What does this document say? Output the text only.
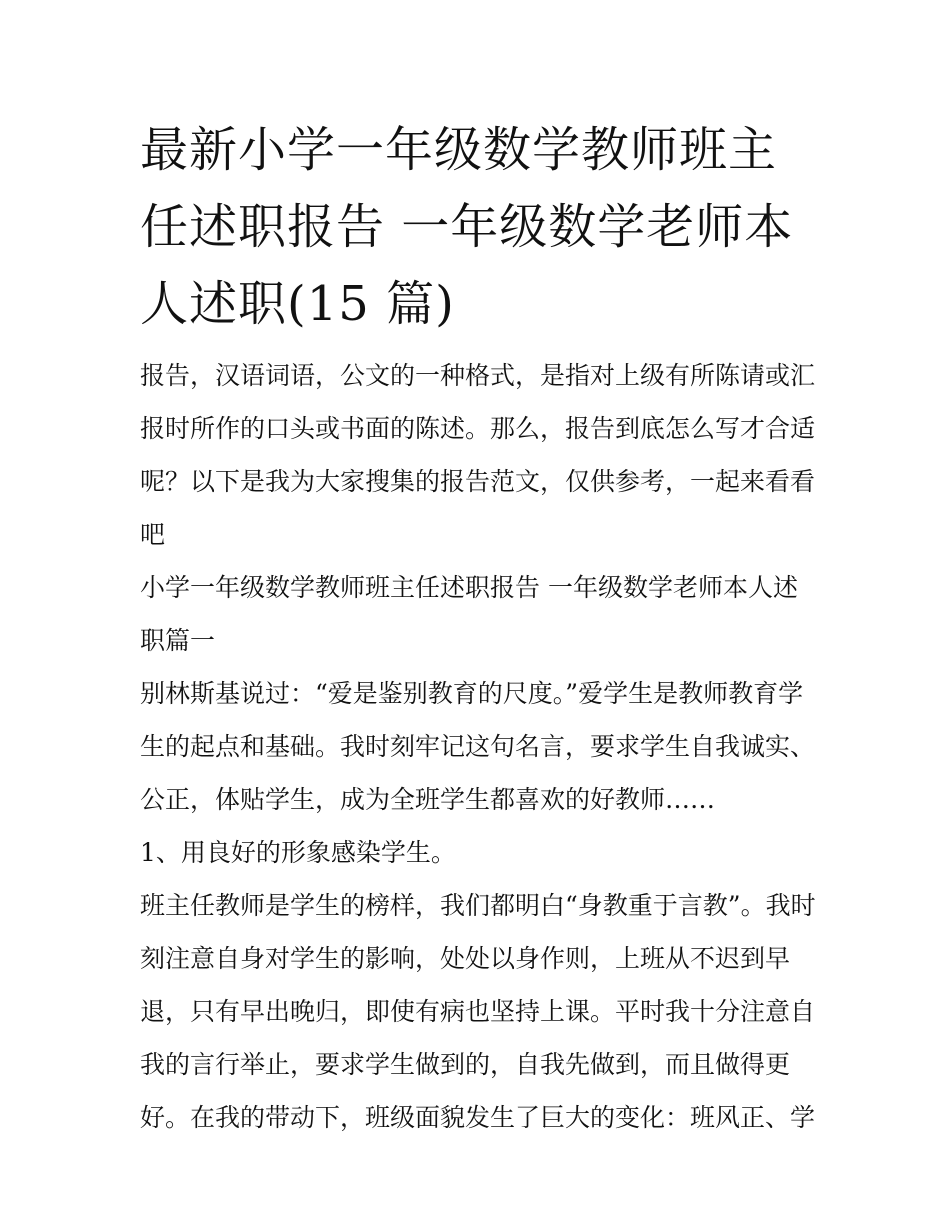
最新小学一年级数学教师班主
任述职报告 一年级数学老师本
人述职(15 篇)
报告，汉语词语，公文的一种格式，是指对上级有所陈请或汇
报时所作的口头或书面的陈述。那么，报告到底怎么写才合适
呢？以下是我为大家搜集的报告范文，仅供参考，一起来看看
吧
小学一年级数学教师班主任述职报告 一年级数学老师本人述
职篇一
别林斯基说过：“爱是鉴别教育的尺度。”爱学生是教师教育学
生的起点和基础。我时刻牢记这句名言，要求学生自我诚实、
公正，体贴学生，成为全班学生都喜欢的好教师……
1、用良好的形象感染学生。
班主任教师是学生的榜样，我们都明白“身教重于言教”。我时
刻注意自身对学生的影响，处处以身作则，上班从不迟到早
退，只有早出晚归，即使有病也坚持上课。平时我十分注意自
我的言行举止，要求学生做到的，自我先做到，而且做得更
好。在我的带动下，班级面貌发生了巨大的变化：班风正、学
